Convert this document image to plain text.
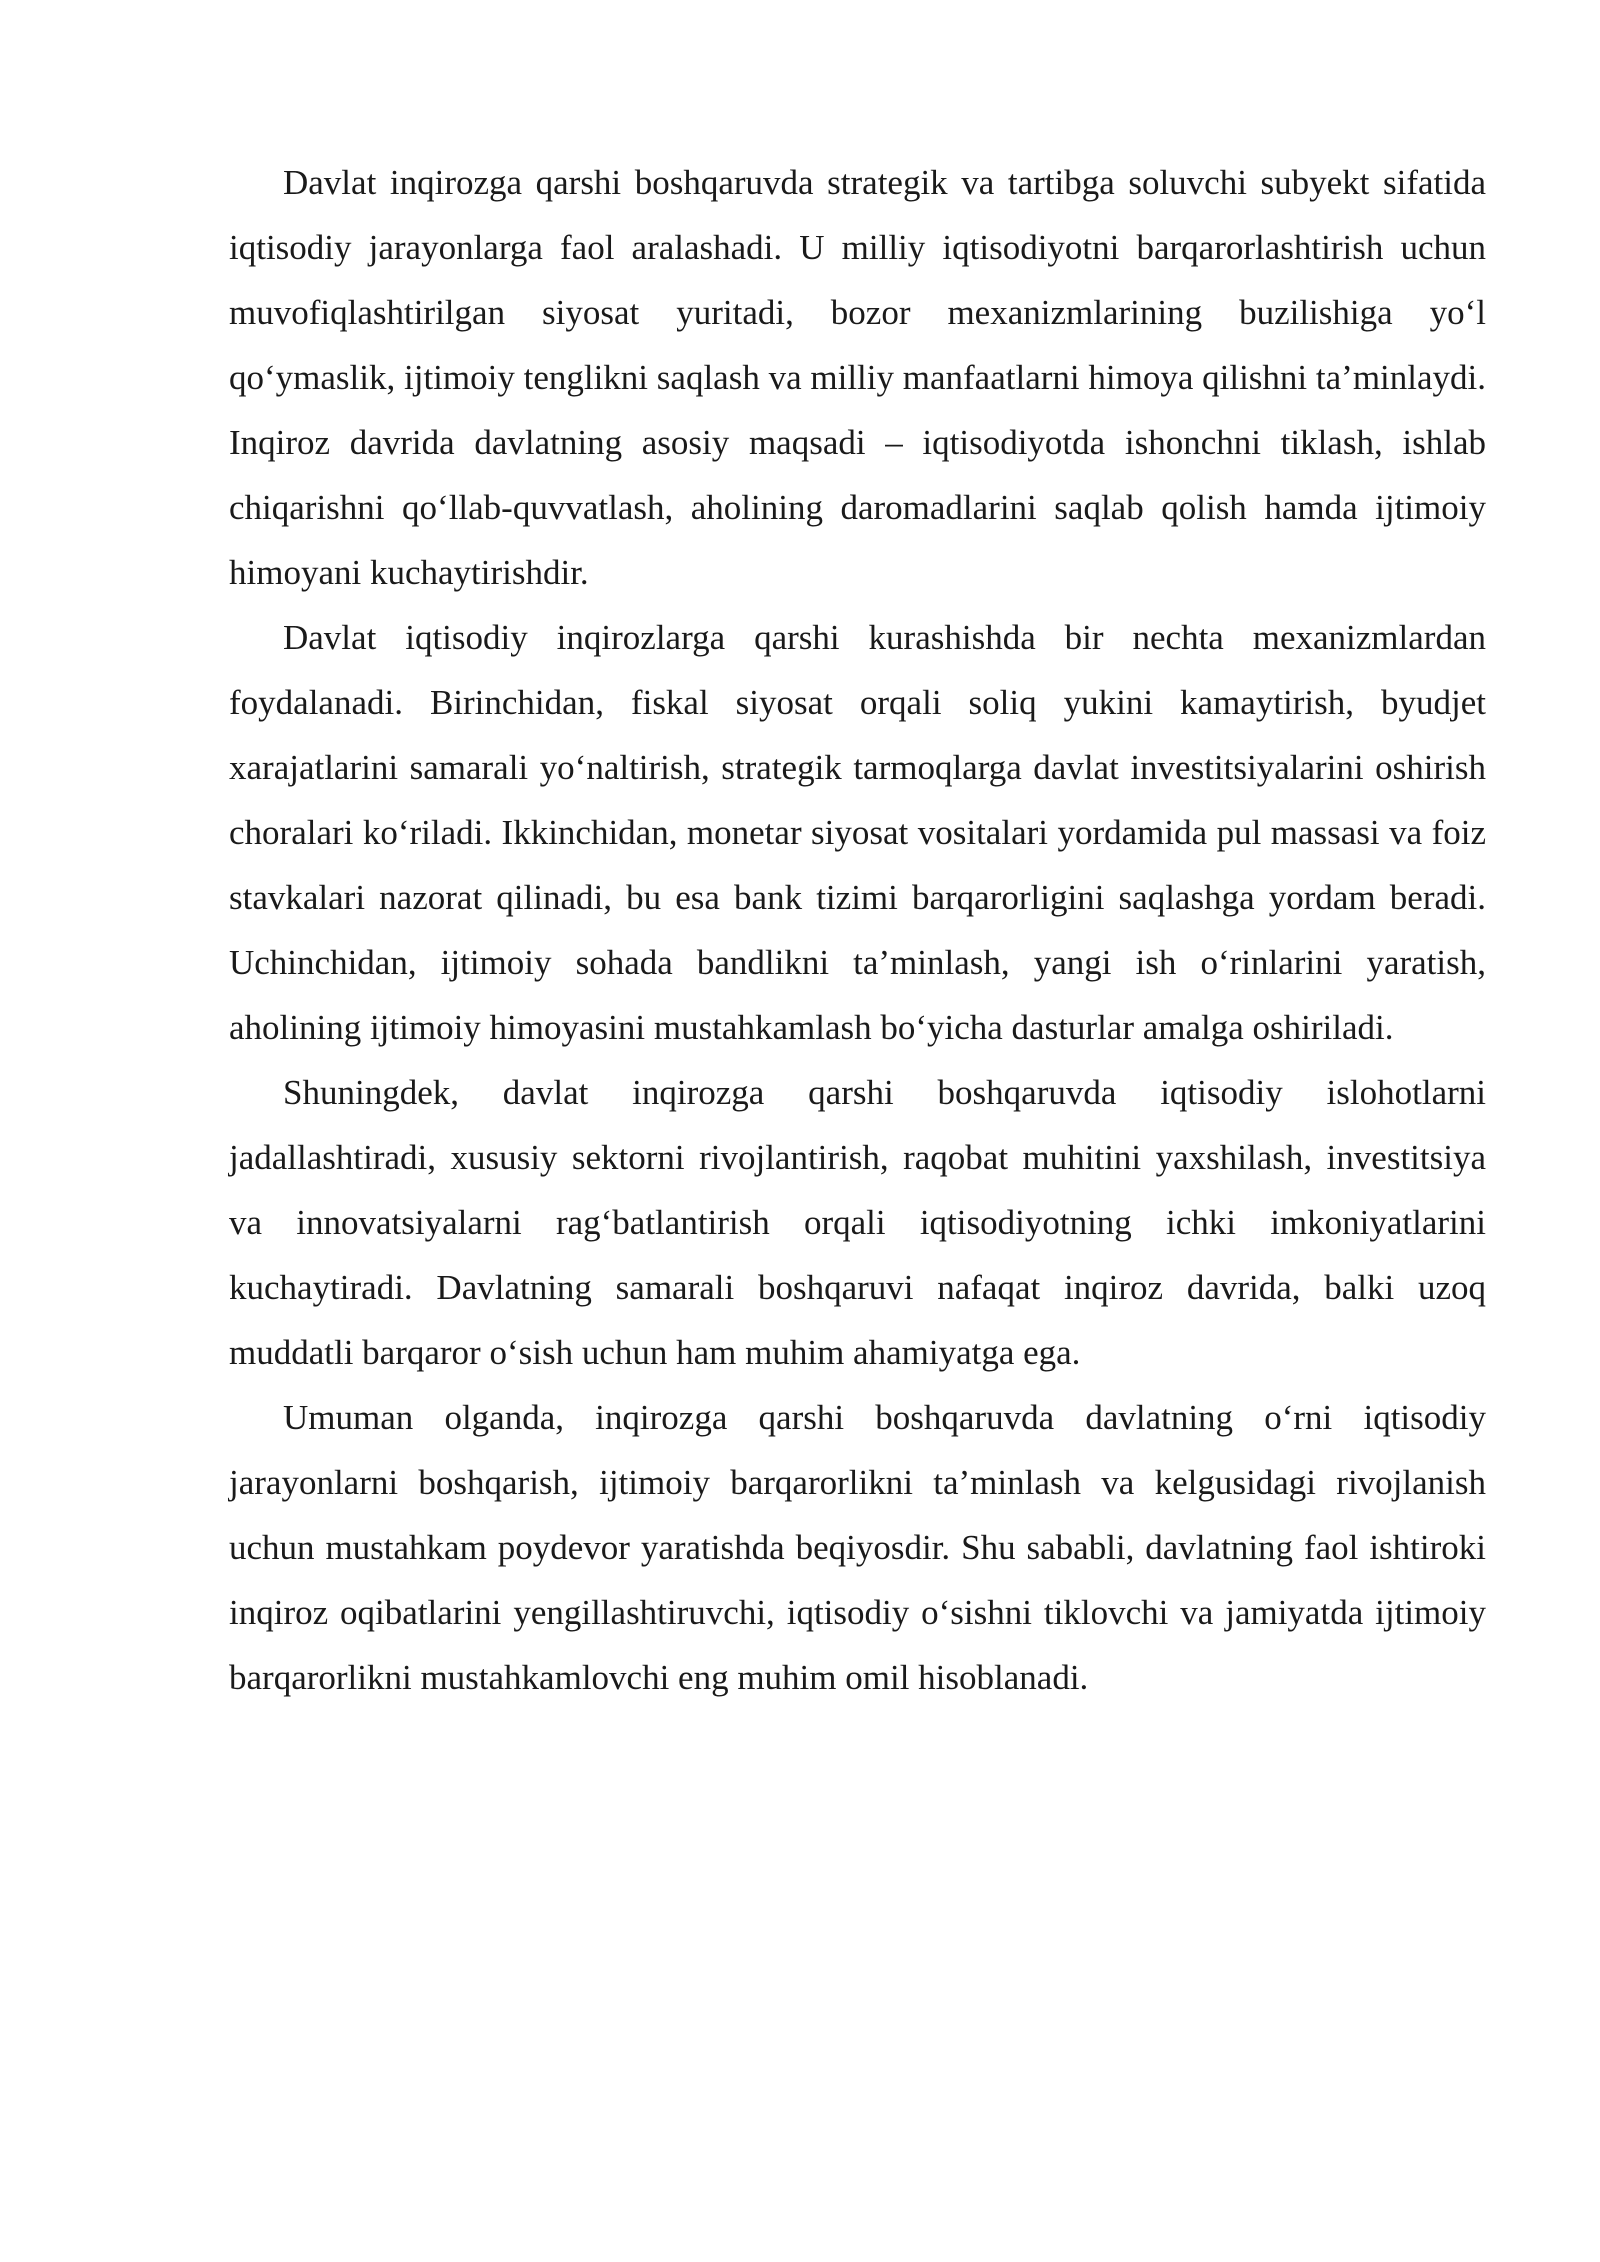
Davlat inqirozga qarshi boshqaruvda strategik va tartibga soluvchi subyekt sifatida iqtisodiy jarayonlarga faol aralashadi. U milliy iqtisodiyotni barqarorlashtirish uchun muvofiqlashtirilgan siyosat yuritadi, bozor mexanizmlarining buzilishiga yo‘l qo‘ymaslik, ijtimoiy tenglikni saqlash va milliy manfaatlarni himoya qilishni ta’minlaydi. Inqiroz davrida davlatning asosiy maqsadi – iqtisodiyotda ishonchni tiklash, ishlab chiqarishni qo‘llab-quvvatlash, aholining daromadlarini saqlab qolish hamda ijtimoiy himoyani kuchaytirishdir.

Davlat iqtisodiy inqirozlarga qarshi kurashishda bir nechta mexanizmlardan foydalanadi. Birinchidan, fiskal siyosat orqali soliq yukini kamaytirish, byudjet xarajatlarini samarali yo‘naltirish, strategik tarmoqlarga davlat investitsiyalarini oshirish choralari ko‘riladi. Ikkinchidan, monetar siyosat vositalari yordamida pul massasi va foiz stavkalari nazorat qilinadi, bu esa bank tizimi barqarorligini saqlashga yordam beradi. Uchinchidan, ijtimoiy sohada bandlikni ta’minlash, yangi ish o‘rinlarini yaratish, aholining ijtimoiy himoyasini mustahkamlash bo‘yicha dasturlar amalga oshiriladi.

Shuningdek, davlat inqirozga qarshi boshqaruvda iqtisodiy islohotlarni jadallashtiradi, xususiy sektorni rivojlantirish, raqobat muhitini yaxshilash, investitsiya va innovatsiyalarni rag‘batlantirish orqali iqtisodiyotning ichki imkoniyatlarini kuchaytiradi. Davlatning samarali boshqaruvi nafaqat inqiroz davrida, balki uzoq muddatli barqaror o‘sish uchun ham muhim ahamiyatga ega.

Umuman olganda, inqirozga qarshi boshqaruvda davlatning o‘rni iqtisodiy jarayonlarni boshqarish, ijtimoiy barqarorlikni ta’minlash va kelgusidagi rivojlanish uchun mustahkam poydevor yaratishda beqiyosdir. Shu sababli, davlatning faol ishtiroki inqiroz oqibatlarini yengillashtiruvchi, iqtisodiy o‘sishni tiklovchi va jamiyatda ijtimoiy barqarorlikni mustahkamlovchi eng muhim omil hisoblanadi.
